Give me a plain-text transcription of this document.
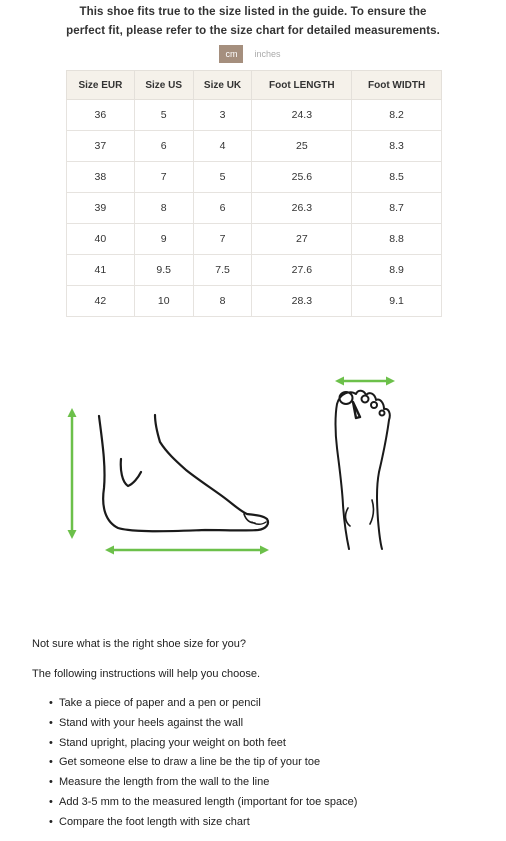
This shoe fits true to the size listed in the guide. To ensure the
perfect fit, please refer to the size chart for detailed measurements.
cm	inches
Size EUR	Size US	Size UK	Foot LENGTH	Foot WIDTH
36	5	3	24.3	8.2
37	6	4	25	8.3
38	7	5	25.6	8.5
39	8	6	26.3	8.7
40	9	7	27	8.8
41	9.5	7.5	27.6	8.9
42	10	8	28.3	9.1

Not sure what is the right shoe size for you?

The following instructions will help you choose.

• Take a piece of paper and a pen or pencil
• Stand with your heels against the wall
• Stand upright, placing your weight on both feet
• Get someone else to draw a line be the tip of your toe
• Measure the length from the wall to the line
• Add 3-5 mm to the measured length (important for toe space)
• Compare the foot length with size chart
